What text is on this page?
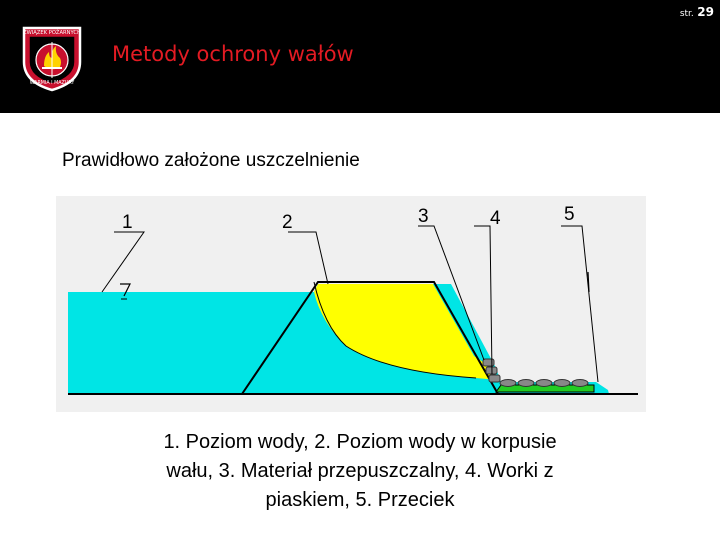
str. 29
ZWIĄZEK POŻARNYCH
WARMIA I MAZURY
Metody ochrony wałów
Prawidłowo założone uszczelnienie
1	2	3	4	5
1. Poziom wody, 2. Poziom wody w korpusie
wału, 3. Materiał przepuszczalny, 4. Worki z
piaskiem, 5. Przeciek
